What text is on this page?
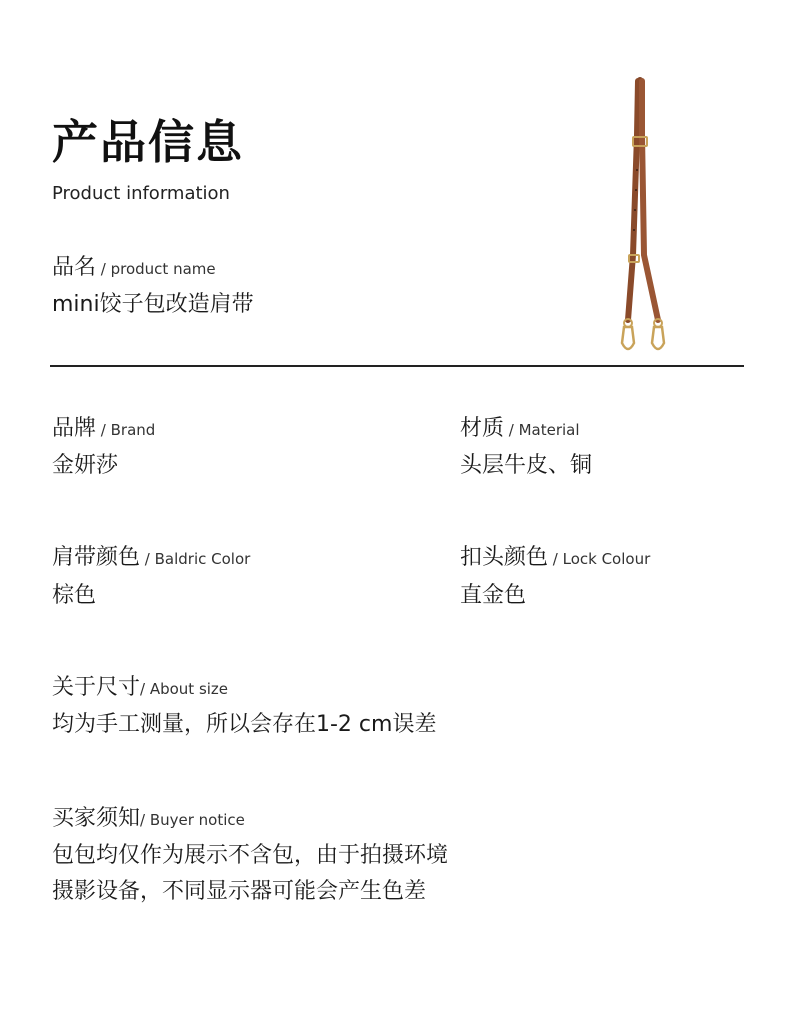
产品信息
Product information
品名 / product name
mini饺子包改造肩带
品牌 / Brand
金妍莎
材质 / Material
头层牛皮、铜
肩带颜色 / Baldric Color
棕色
扣头颜色 / Lock Colour
直金色
关于尺寸/ About size
均为手工测量，所以会存在1-2 cm误差
买家须知/ Buyer notice
包包均仅作为展示不含包，由于拍摄环境
摄影设备，不同显示器可能会产生色差
